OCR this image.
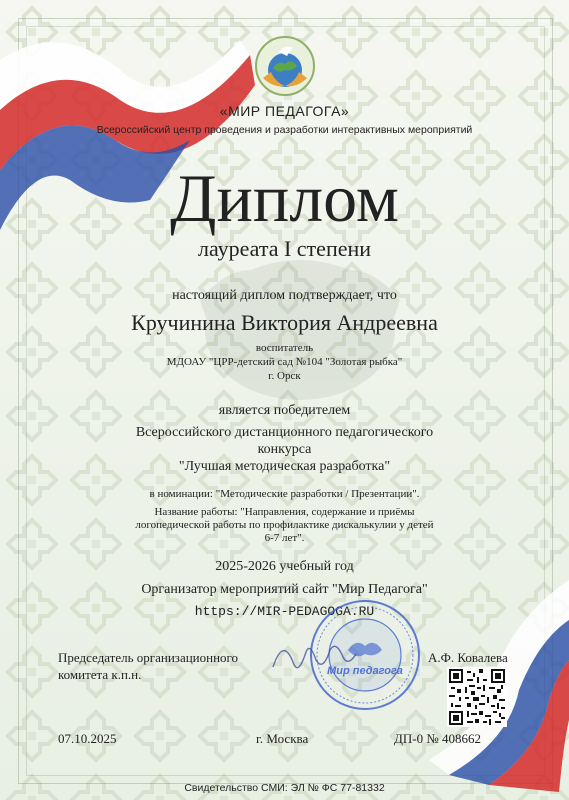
«МИР ПЕДАГОГА»
Всероссийский центр проведения и разработки интерактивных мероприятий
Диплом
лауреата I степени
настоящий диплом подтверждает, что
Кручинина Виктория Андреевна
воспитатель
МДОАУ "ЦРР-детский сад №104 "Золотая рыбка"
г. Орск
является победителем
Всероссийского дистанционного педагогического
конкурса
"Лучшая методическая разработка"
в номинации: "Методические разработки / Презентации".
Название работы: "Направления, содержание и приёмы
логопедической работы по профилактике дискалькулии у детей
6-7 лет".
2025-2026 учебный год
Организатор мероприятий сайт "Мир Педагога"
https://MIR-PEDAGOGA.RU
Мир педагога
Председатель организационного
комитета к.п.н.
А.Ф. Ковалева
07.10.2025	г. Москва	ДП-0 № 408662
Свидетельство СМИ: ЭЛ № ФС 77-81332
